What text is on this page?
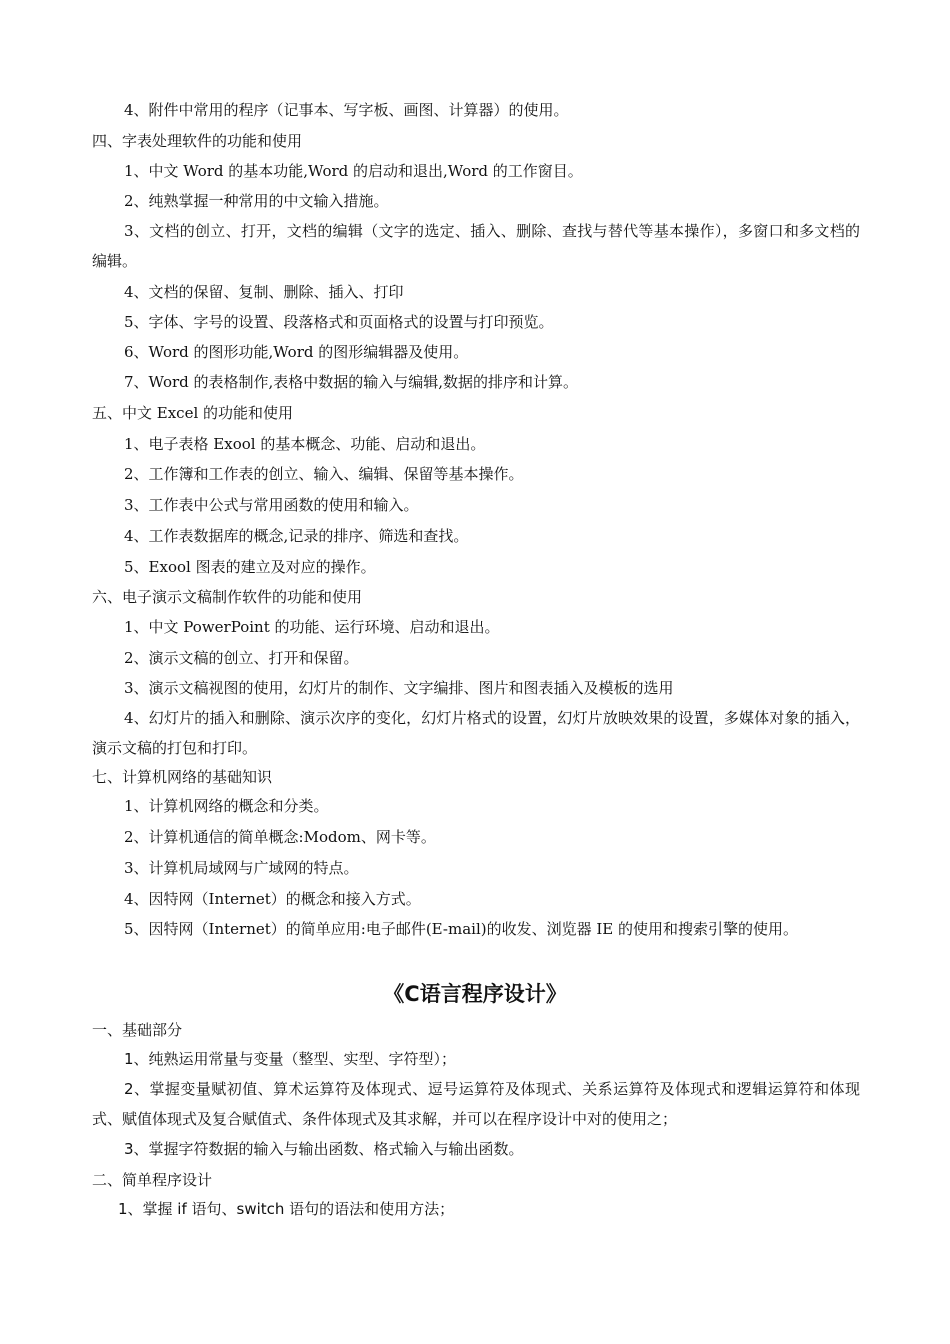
4、附件中常用的程序（记事本、写字板、画图、计算器）的使用。
四、字表处理软件的功能和使用
1、中文 Word 的基本功能,Word 的启动和退出,Word 的工作窗目。
2、纯熟掌握一种常用的中文输入措施。
3、文档的创立、打开，文档的编辑（文字的选定、插入、删除、查找与替代等基本操作），多窗口和多文档的编辑。
4、文档的保留、复制、删除、插入、打印
5、字体、字号的设置、段落格式和页面格式的设置与打印预览。
6、Word 的图形功能,Word 的图形编辑器及使用。
7、Word 的表格制作,表格中数据的输入与编辑,数据的排序和计算。
五、中文 Excel 的功能和使用
1、电子表格 Exool 的基本概念、功能、启动和退出。
2、工作簿和工作表的创立、输入、编辑、保留等基本操作。
3、工作表中公式与常用函数的使用和输入。
4、工作表数据库的概念,记录的排序、筛选和查找。
5、Exool 图表的建立及对应的操作。
六、电子演示文稿制作软件的功能和使用
1、中文 PowerPoint 的功能、运行环境、启动和退出。
2、演示文稿的创立、打开和保留。
3、演示文稿视图的使用，幻灯片的制作、文字编排、图片和图表插入及模板的选用
4、幻灯片的插入和删除、演示次序的变化，幻灯片格式的设置，幻灯片放映效果的设置，多媒体对象的插入，演示文稿的打包和打印。
七、计算机网络的基础知识
1、计算机网络的概念和分类。
2、计算机通信的简单概念:Modom、网卡等。
3、计算机局域网与广域网的特点。
4、因特网（Internet）的概念和接入方式。
5、因特网（Internet）的简单应用:电子邮件(E-mail)的收发、浏览器 IE 的使用和搜索引擎的使用。
《C语言程序设计》
一、基础部分
1、纯熟运用常量与变量（整型、实型、字符型）；
2、掌握变量赋初值、算术运算符及体现式、逗号运算符及体现式、关系运算符及体现式和逻辑运算符和体现式、赋值体现式及复合赋值式、条件体现式及其求解，并可以在程序设计中对的使用之；
3、掌握字符数据的输入与输出函数、格式输入与输出函数。
二、简单程序设计
1、掌握 if 语句、switch 语句的语法和使用方法；
